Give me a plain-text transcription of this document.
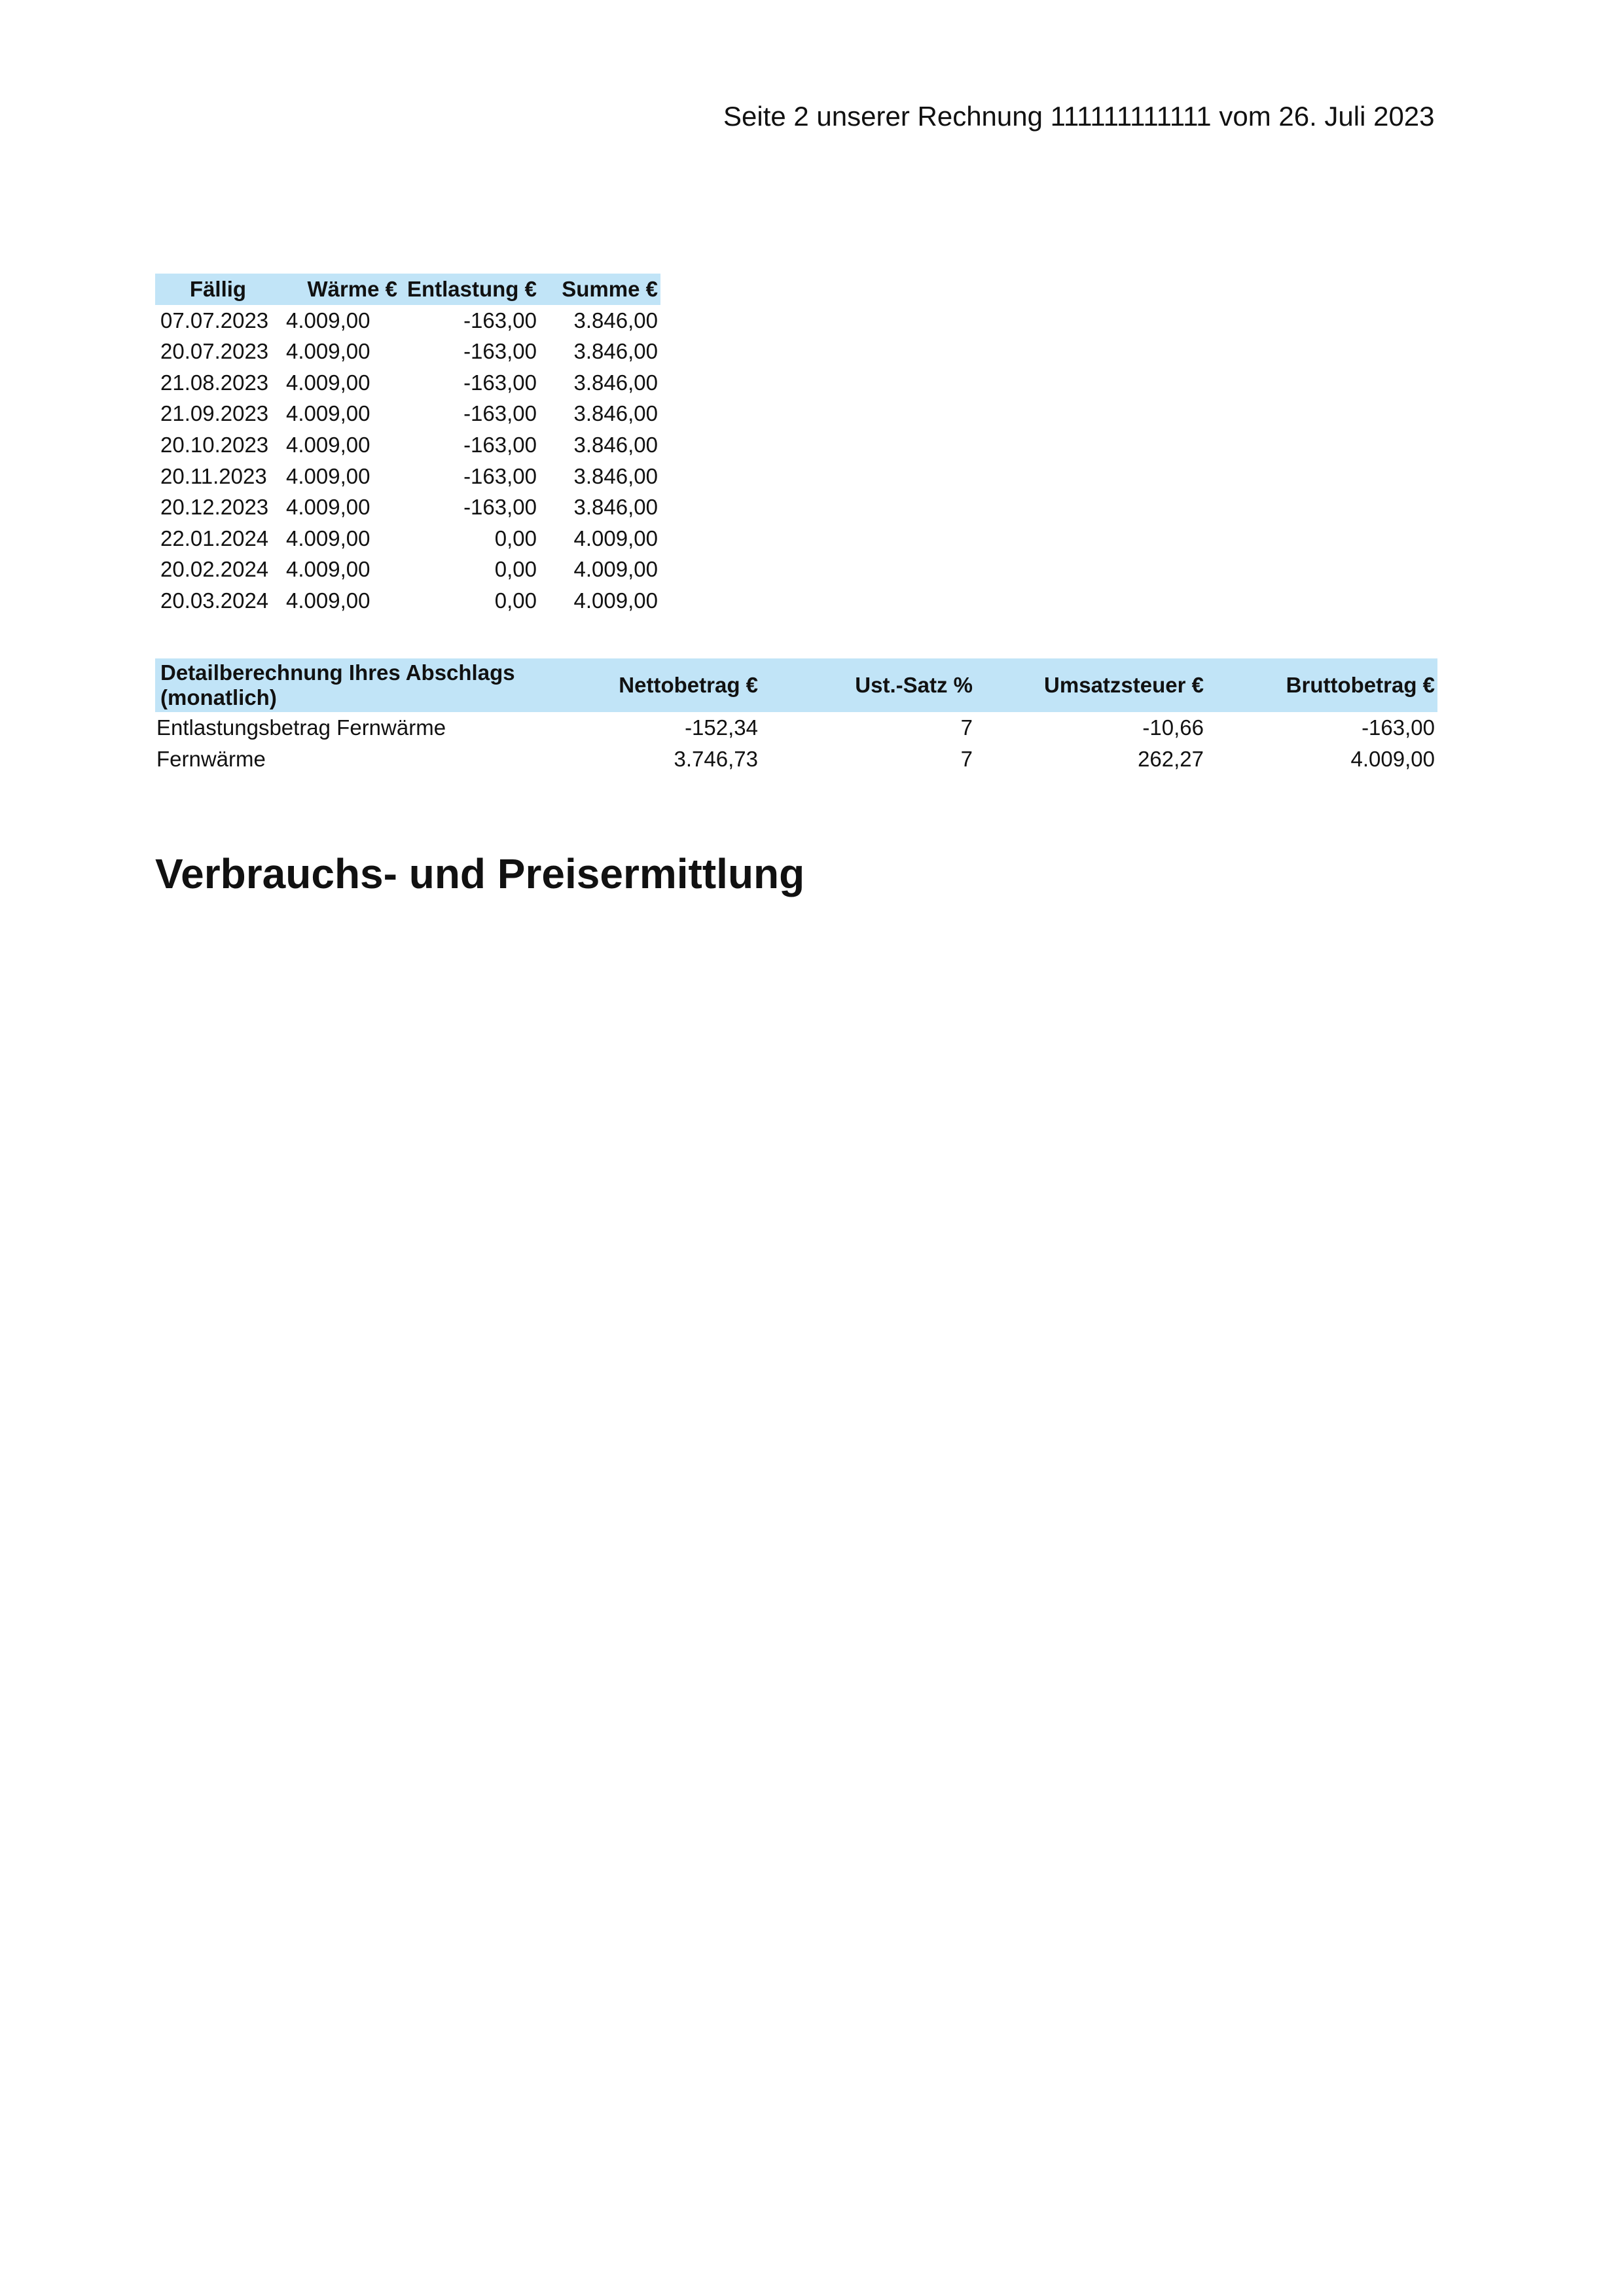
Seite 2 unserer Rechnung 111111111111 vom 26. Juli 2023
Fällig	Wärme €	Entlastung €	Summe €
07.07.2023	4.009,00	-163,00	3.846,00
20.07.2023	4.009,00	-163,00	3.846,00
21.08.2023	4.009,00	-163,00	3.846,00
21.09.2023	4.009,00	-163,00	3.846,00
20.10.2023	4.009,00	-163,00	3.846,00
20.11.2023	4.009,00	-163,00	3.846,00
20.12.2023	4.009,00	-163,00	3.846,00
22.01.2024	4.009,00	0,00	4.009,00
20.02.2024	4.009,00	0,00	4.009,00
20.03.2024	4.009,00	0,00	4.009,00
Detailberechnung Ihres Abschlags (monatlich)	Nettobetrag €	Ust.-Satz %	Umsatzsteuer €	Bruttobetrag €
Entlastungsbetrag Fernwärme	-152,34	7	-10,66	-163,00
Fernwärme	3.746,73	7	262,27	4.009,00
Verbrauchs- und Preisermittlung
